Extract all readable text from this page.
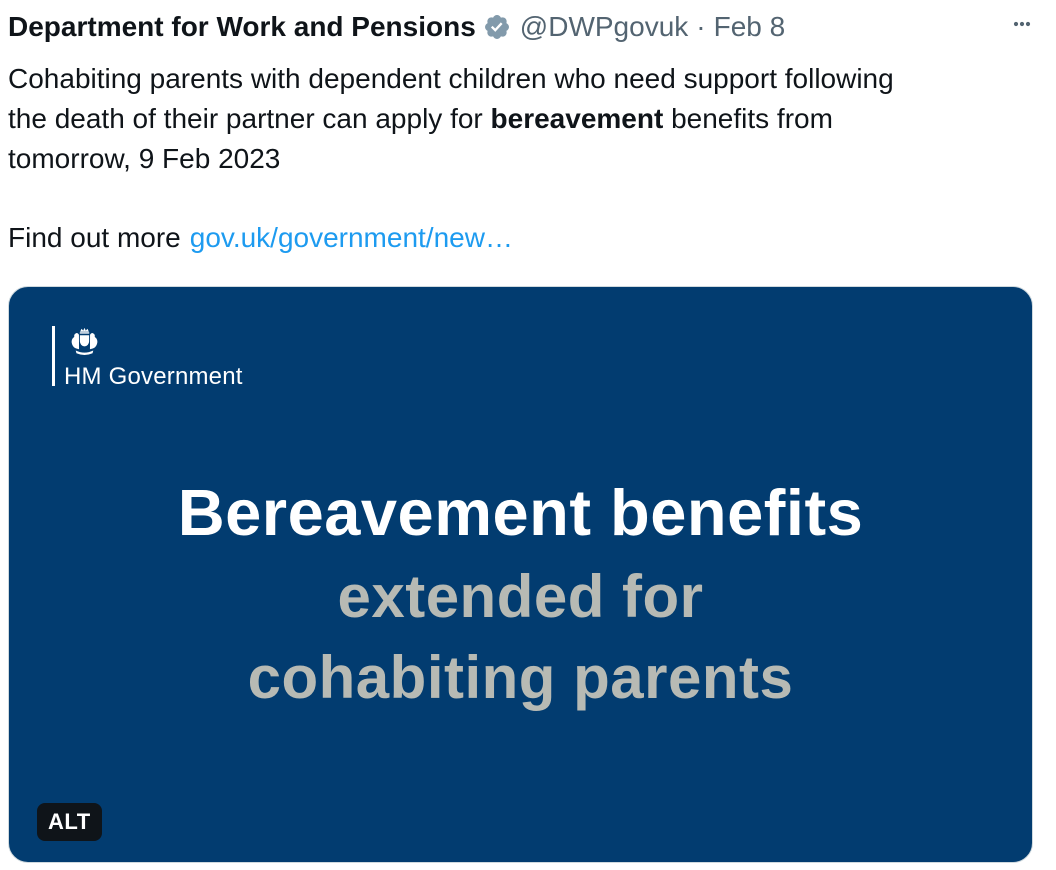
Department for Work and Pensions @DWPgovuk · Feb 8
Cohabiting parents with dependent children who need support following
the death of their partner can apply for bereavement benefits from
tomorrow, 9 Feb 2023
Find out more gov.uk/government/new…
HM Government
Bereavement benefits
extended for
cohabiting parents
ALT
